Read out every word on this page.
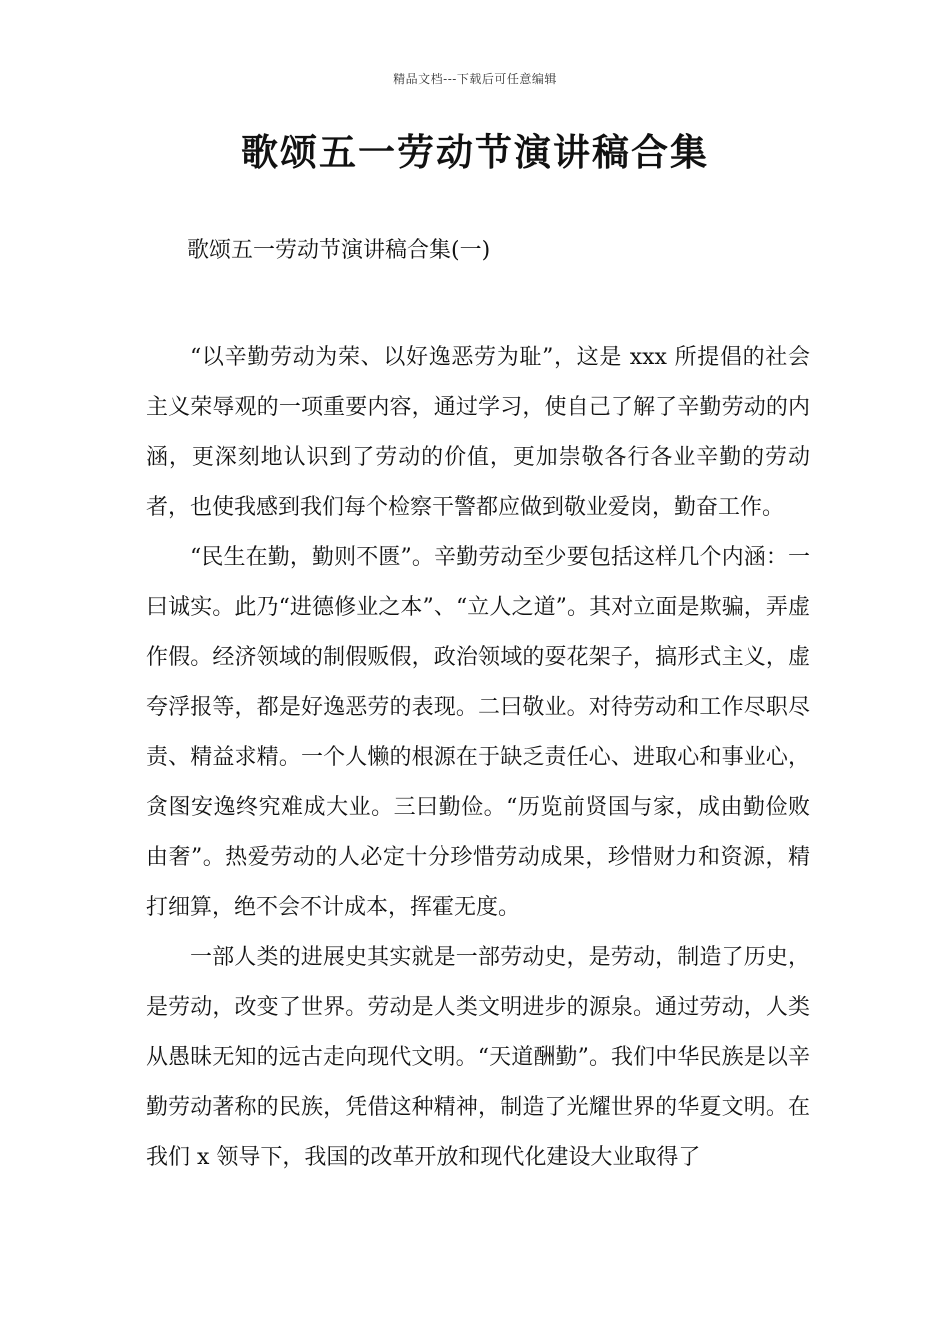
精品文档---下载后可任意编辑
歌颂五一劳动节演讲稿合集

歌颂五一劳动节演讲稿合集(一)

“以辛勤劳动为荣、以好逸恶劳为耻”，这是 xxx 所提倡的社会主义荣辱观的一项重要内容，通过学习，使自己了解了辛勤劳动的内涵，更深刻地认识到了劳动的价值，更加崇敬各行各业辛勤的劳动者，也使我感到我们每个检察干警都应做到敬业爱岗，勤奋工作。

“民生在勤，勤则不匮”。辛勤劳动至少要包括这样几个内涵：一曰诚实。此乃“进德修业之本”、“立人之道”。其对立面是欺骗，弄虚作假。经济领域的制假贩假，政治领域的耍花架子，搞形式主义，虚夸浮报等，都是好逸恶劳的表现。二曰敬业。对待劳动和工作尽职尽责、精益求精。一个人懒的根源在于缺乏责任心、进取心和事业心，贪图安逸终究难成大业。三曰勤俭。“历览前贤国与家，成由勤俭败由奢”。热爱劳动的人必定十分珍惜劳动成果，珍惜财力和资源，精打细算，绝不会不计成本，挥霍无度。

一部人类的进展史其实就是一部劳动史，是劳动，制造了历史，是劳动，改变了世界。劳动是人类文明进步的源泉。通过劳动，人类从愚昧无知的远古走向现代文明。“天道酬勤”。我们中华民族是以辛勤劳动著称的民族，凭借这种精神，制造了光耀世界的华夏文明。在我们 x 领导下，我国的改革开放和现代化建设大业取得了
